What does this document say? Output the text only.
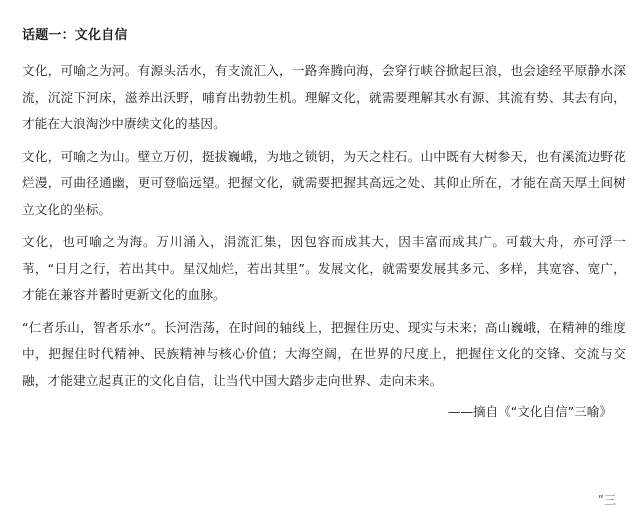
话题一：文化自信

文化，可喻之为河。有源头活水，有支流汇入，一路奔腾向海，会穿行峡谷掀起巨浪，也会途经平原静水深流，沉淀下河床，滋养出沃野，哺育出勃勃生机。理解文化，就需要理解其水有源、其流有势、其去有向，才能在大浪淘沙中赓续文化的基因。

文化，可喻之为山。壁立万仞，挺拔巍峨，为地之锁钥，为天之柱石。山中既有大树参天，也有溪流边野花烂漫，可曲径通幽，更可登临远望。把握文化，就需要把握其高远之处、其仰止所在，才能在高天厚土间树立文化的坐标。

文化，也可喻之为海。万川涌入，涓流汇集，因包容而成其大，因丰富而成其广。可载大舟，亦可浮一苇，“日月之行，若出其中。星汉灿烂，若出其里”。发展文化，就需要发展其多元、多样，其宽容、宽广，才能在兼容并蓄时更新文化的血脉。

“仁者乐山，智者乐水”。长河浩荡，在时间的轴线上，把握住历史、现实与未来；高山巍峨，在精神的维度中，把握住时代精神、民族精神与核心价值；大海空阔，在世界的尺度上，把握住文化的交锋、交流与交融，才能建立起真正的文化自信，让当代中国大踏步走向世界、走向未来。

——摘自《“文化自信”三喻》
”三
